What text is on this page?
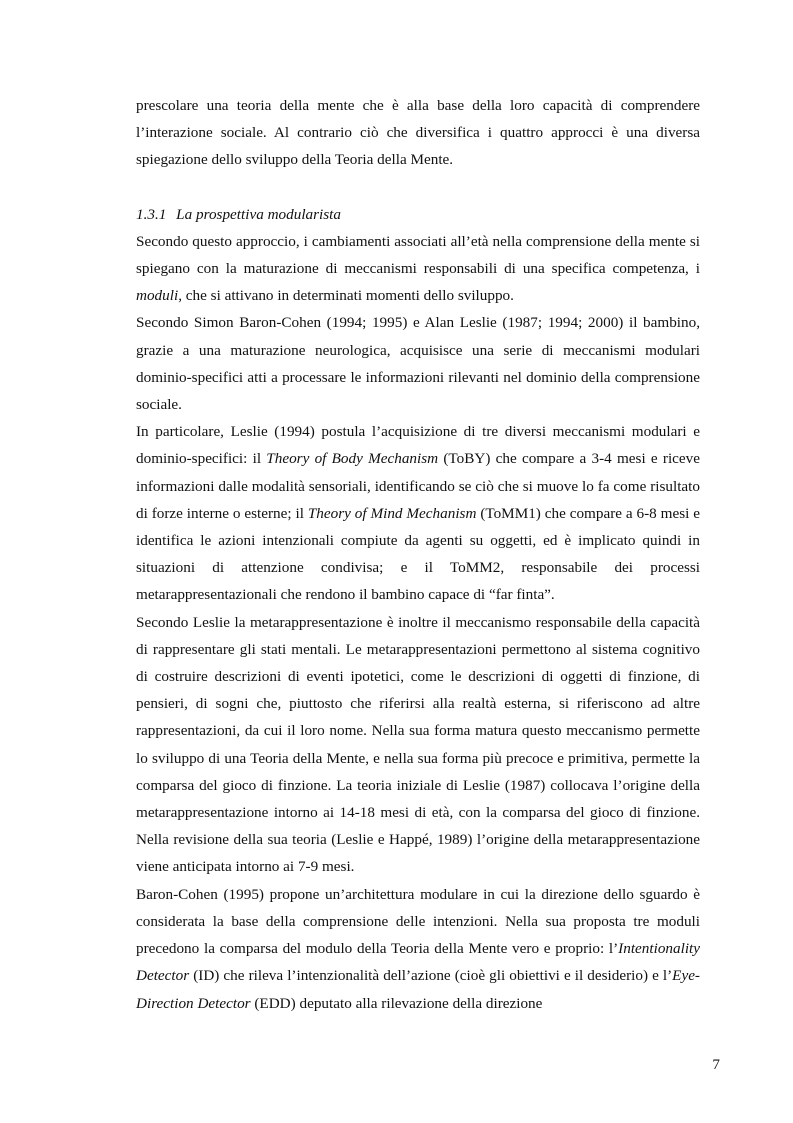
prescolare una teoria della mente che è alla base della loro capacità di comprendere l’interazione sociale. Al contrario ciò che diversifica i quattro approcci è una diversa spiegazione dello sviluppo della Teoria della Mente.

1.3.1 La prospettiva modularista

Secondo questo approccio, i cambiamenti associati all’età nella comprensione della mente si spiegano con la maturazione di meccanismi responsabili di una specifica competenza, i moduli, che si attivano in determinati momenti dello sviluppo.

Secondo Simon Baron-Cohen (1994; 1995) e Alan Leslie (1987; 1994; 2000) il bambino, grazie a una maturazione neurologica, acquisisce una serie di meccanismi modulari dominio-specifici atti a processare le informazioni rilevanti nel dominio della comprensione sociale.

In particolare, Leslie (1994) postula l’acquisizione di tre diversi meccanismi modulari e dominio-specifici: il Theory of Body Mechanism (ToBY) che compare a 3-4 mesi e riceve informazioni dalle modalità sensoriali, identificando se ciò che si muove lo fa come risultato di forze interne o esterne; il Theory of Mind Mechanism (ToMM1) che compare a 6-8 mesi e identifica le azioni intenzionali compiute da agenti su oggetti, ed è implicato quindi in situazioni di attenzione condivisa; e il ToMM2, responsabile dei processi metarappresentazionali che rendono il bambino capace di “far finta”.

Secondo Leslie la metarappresentazione è inoltre il meccanismo responsabile della capacità di rappresentare gli stati mentali. Le metarappresentazioni permettono al sistema cognitivo di costruire descrizioni di eventi ipotetici, come le descrizioni di oggetti di finzione, di pensieri, di sogni che, piuttosto che riferirsi alla realtà esterna, si riferiscono ad altre rappresentazioni, da cui il loro nome. Nella sua forma matura questo meccanismo permette lo sviluppo di una Teoria della Mente, e nella sua forma più precoce e primitiva, permette la comparsa del gioco di finzione. La teoria iniziale di Leslie (1987) collocava l’origine della metarappresentazione intorno ai 14-18 mesi di età, con la comparsa del gioco di finzione. Nella revisione della sua teoria (Leslie e Happé, 1989) l’origine della metarappresentazione viene anticipata intorno ai 7-9 mesi.

Baron-Cohen (1995) propone un’architettura modulare in cui la direzione dello sguardo è considerata la base della comprensione delle intenzioni. Nella sua proposta tre moduli precedono la comparsa del modulo della Teoria della Mente vero e proprio: l’Intentionality Detector (ID) che rileva l’intenzionalità dell’azione (cioè gli obiettivi e il desiderio) e l’Eye-Direction Detector (EDD) deputato alla rilevazione della direzione

7
